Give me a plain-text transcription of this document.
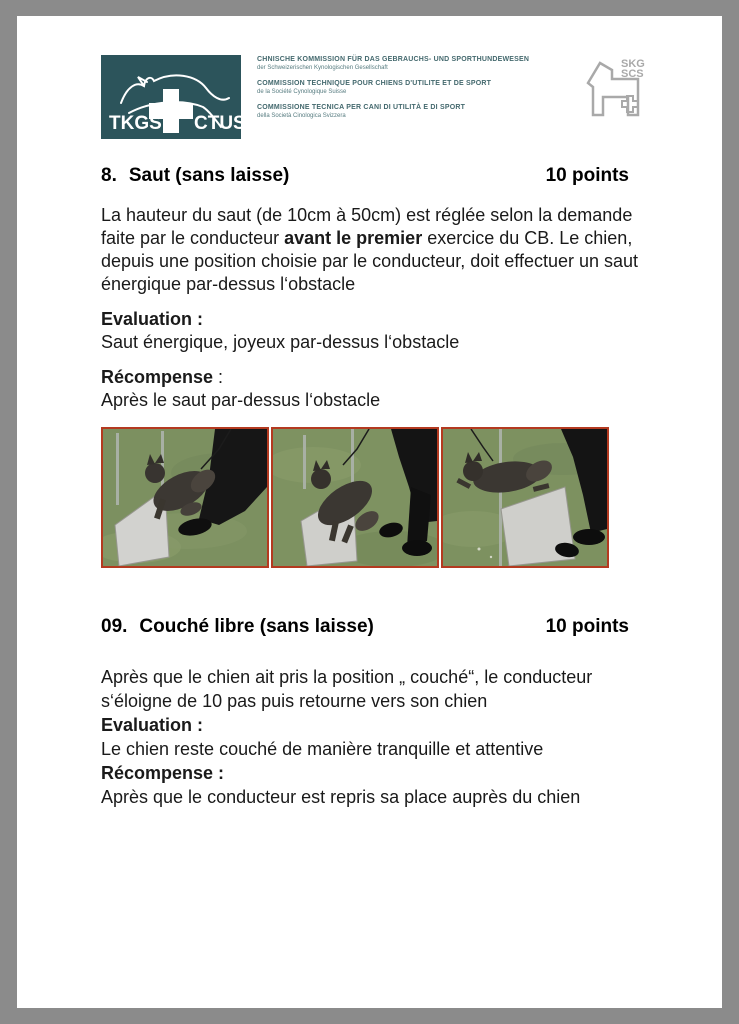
TKGS CTUS
CHNISCHE KOMMISSION FÜR DAS GEBRAUCHS- UND SPORTHUNDEWESEN
der Schweizerischen Kynologischen Gesellschaft
COMMISSION TECHNIQUE POUR CHIENS D'UTILITE ET DE SPORT
de la Société Cynologique Suisse
COMMISSIONE TECNICA PER CANI DI UTILITÀ E DI SPORT
della Società Cinologica Svizzera
SKG
SCS
8. Saut (sans laisse)	10 points
La hauteur du saut (de 10cm à 50cm) est réglée selon la demande faite par le conducteur avant le premier exercice du CB. Le chien, depuis une position choisie par le conducteur, doit effectuer un saut énergique par-dessus l‘obstacle
Evaluation :
Saut énergique, joyeux par-dessus l‘obstacle
Récompense :
Après le saut par-dessus l‘obstacle
09. Couché libre (sans laisse)	10 points
Après que le chien ait pris la position „ couché“, le conducteur s‘éloigne de 10 pas puis retourne vers son chien
Evaluation :
Le chien reste couché de manière tranquille et attentive
Récompense :
Après que le conducteur est repris sa place auprès du chien
